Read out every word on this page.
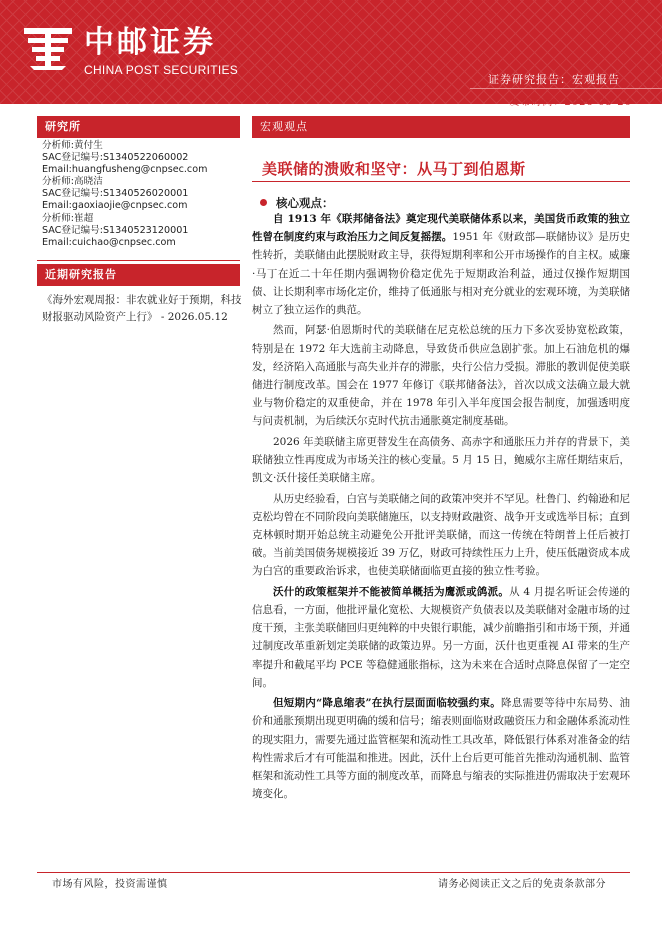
中邮证券
CHINA POST SECURITIES
证券研究报告：宏观报告
发布时间：2026-05-20
研究所
分析师:黄付生
SAC登记编号:S1340522060002
Email:huangfusheng@cnpsec.com
分析师:高晓洁
SAC登记编号:S1340526020001
Email:gaoxiaojie@cnpsec.com
分析师:崔超
SAC登记编号:S1340523120001
Email:cuichao@cnpsec.com
近期研究报告
《海外宏观周报：非农就业好于预期，科技财报驱动风险资产上行》 - 2026.05.12
宏观观点
美联储的溃败和坚守：从马丁到伯恩斯
核心观点：

自 1913 年《联邦储备法》奠定现代美联储体系以来，美国货币政策的独立性曾在制度约束与政治压力之间反复摇摆。1951 年《财政部—联储协议》是历史性转折，美联储由此摆脱财政主导，获得短期利率和公开市场操作的自主权。威廉·马丁在近二十年任期内强调物价稳定优先于短期政治利益，通过仅操作短期国债、让长期利率市场化定价，维持了低通胀与相对充分就业的宏观环境，为美联储树立了独立运作的典范。

然而，阿瑟·伯恩斯时代的美联储在尼克松总统的压力下多次妥协宽松政策，特别是在 1972 年大选前主动降息，导致货币供应急剧扩张。加上石油危机的爆发，经济陷入高通胀与高失业并存的滞胀，央行公信力受损。滞胀的教训促使美联储进行制度改革。国会在 1977 年修订《联邦储备法》，首次以成文法确立最大就业与物价稳定的双重使命，并在 1978 年引入半年度国会报告制度，加强透明度与问责机制，为后续沃尔克时代抗击通胀奠定制度基础。

2026 年美联储主席更替发生在高债务、高赤字和通胀压力并存的背景下，美联储独立性再度成为市场关注的核心变量。5 月 15 日，鲍威尔主席任期结束后，凯文·沃什接任美联储主席。

从历史经验看，白宫与美联储之间的政策冲突并不罕见。杜鲁门、约翰逊和尼克松均曾在不同阶段向美联储施压，以支持财政融资、战争开支或选举目标；直到克林顿时期开始总统主动避免公开批评美联储，而这一传统在特朗普上任后被打破。当前美国债务规模接近 39 万亿，财政可持续性压力上升，使压低融资成本成为白宫的重要政治诉求，也使美联储面临更直接的独立性考验。

沃什的政策框架并不能被简单概括为鹰派或鸽派。从 4 月提名听证会传递的信息看，一方面，他批评量化宽松、大规模资产负债表以及美联储对金融市场的过度干预，主张美联储回归更纯粹的中央银行职能，减少前瞻指引和市场干预，并通过制度改革重新划定美联储的政策边界。另一方面，沃什也更重视 AI 带来的生产率提升和截尾平均 PCE 等稳健通胀指标，这为未来在合适时点降息保留了一定空间。

但短期内“降息缩表”在执行层面面临较强约束。降息需要等待中东局势、油价和通胀预期出现更明确的缓和信号；缩表则面临财政融资压力和金融体系流动性的现实阻力，需要先通过监管框架和流动性工具改革，降低银行体系对准备金的结构性需求后才有可能温和推进。因此，沃什上台后更可能首先推动沟通机制、监管框架和流动性工具等方面的制度改革，而降息与缩表的实际推进仍需取决于宏观环境变化。

市场有风险，投资需谨慎	请务必阅读正文之后的免责条款部分
